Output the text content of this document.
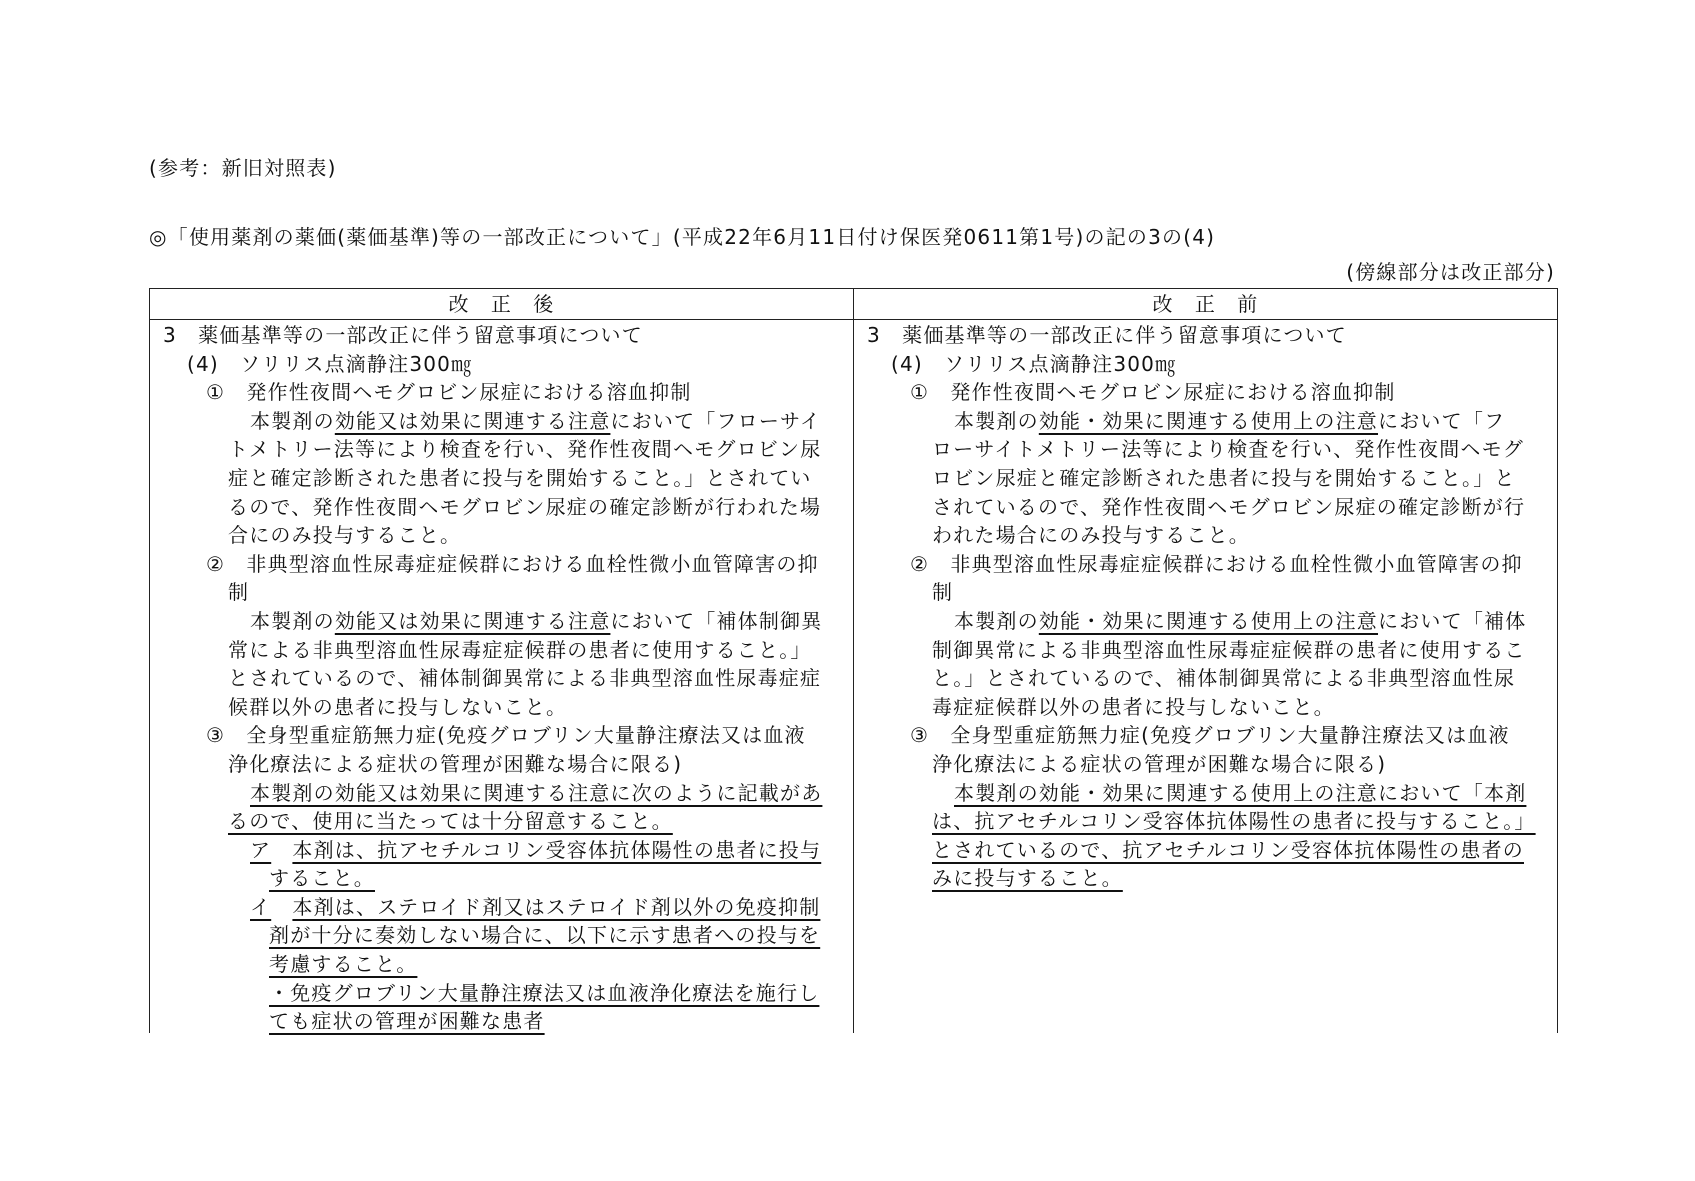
(参考：新旧対照表)
◎「使用薬剤の薬価(薬価基準)等の一部改正について」(平成22年6月11日付け保医発0611第1号)の記の3の(4)
(傍線部分は改正部分)
改　正　後	改　正　前
3　薬価基準等の一部改正に伴う留意事項について
(4)　ソリリス点滴静注300㎎
①　発作性夜間ヘモグロビン尿症における溶血抑制
本製剤の効能又は効果に関連する注意において「フローサイ
トメトリー法等により検査を行い、発作性夜間ヘモグロビン尿
症と確定診断された患者に投与を開始すること。」とされてい
るので、発作性夜間ヘモグロビン尿症の確定診断が行われた場
合にのみ投与すること。
②　非典型溶血性尿毒症症候群における血栓性微小血管障害の抑
制
本製剤の効能又は効果に関連する注意において「補体制御異
常による非典型溶血性尿毒症症候群の患者に使用すること。」
とされているので、補体制御異常による非典型溶血性尿毒症症
候群以外の患者に投与しないこと。
③　全身型重症筋無力症(免疫グロブリン大量静注療法又は血液
浄化療法による症状の管理が困難な場合に限る)
本製剤の効能又は効果に関連する注意に次のように記載があ
るので、使用に当たっては十分留意すること。
ア　 本剤は、抗アセチルコリン受容体抗体陽性の患者に投与
すること。
イ　 本剤は、ステロイド剤又はステロイド剤以外の免疫抑制
剤が十分に奏効しない場合に、以下に示す患者への投与を
考慮すること。
・免疫グロブリン大量静注療法又は血液浄化療法を施行し
ても症状の管理が困難な患者
3　薬価基準等の一部改正に伴う留意事項について
(4)　ソリリス点滴静注300㎎
①　発作性夜間ヘモグロビン尿症における溶血抑制
本製剤の効能・効果に関連する使用上の注意において「フ
ローサイトメトリー法等により検査を行い、発作性夜間ヘモグ
ロビン尿症と確定診断された患者に投与を開始すること。」と
されているので、発作性夜間ヘモグロビン尿症の確定診断が行
われた場合にのみ投与すること。
②　非典型溶血性尿毒症症候群における血栓性微小血管障害の抑
制
本製剤の効能・効果に関連する使用上の注意において「補体
制御異常による非典型溶血性尿毒症症候群の患者に使用するこ
と。」とされているので、補体制御異常による非典型溶血性尿
毒症症候群以外の患者に投与しないこと。
③　全身型重症筋無力症(免疫グロブリン大量静注療法又は血液
浄化療法による症状の管理が困難な場合に限る)
本製剤の効能・効果に関連する使用上の注意において「本剤
は、抗アセチルコリン受容体抗体陽性の患者に投与すること。」
とされているので、抗アセチルコリン受容体抗体陽性の患者の
みに投与すること。
